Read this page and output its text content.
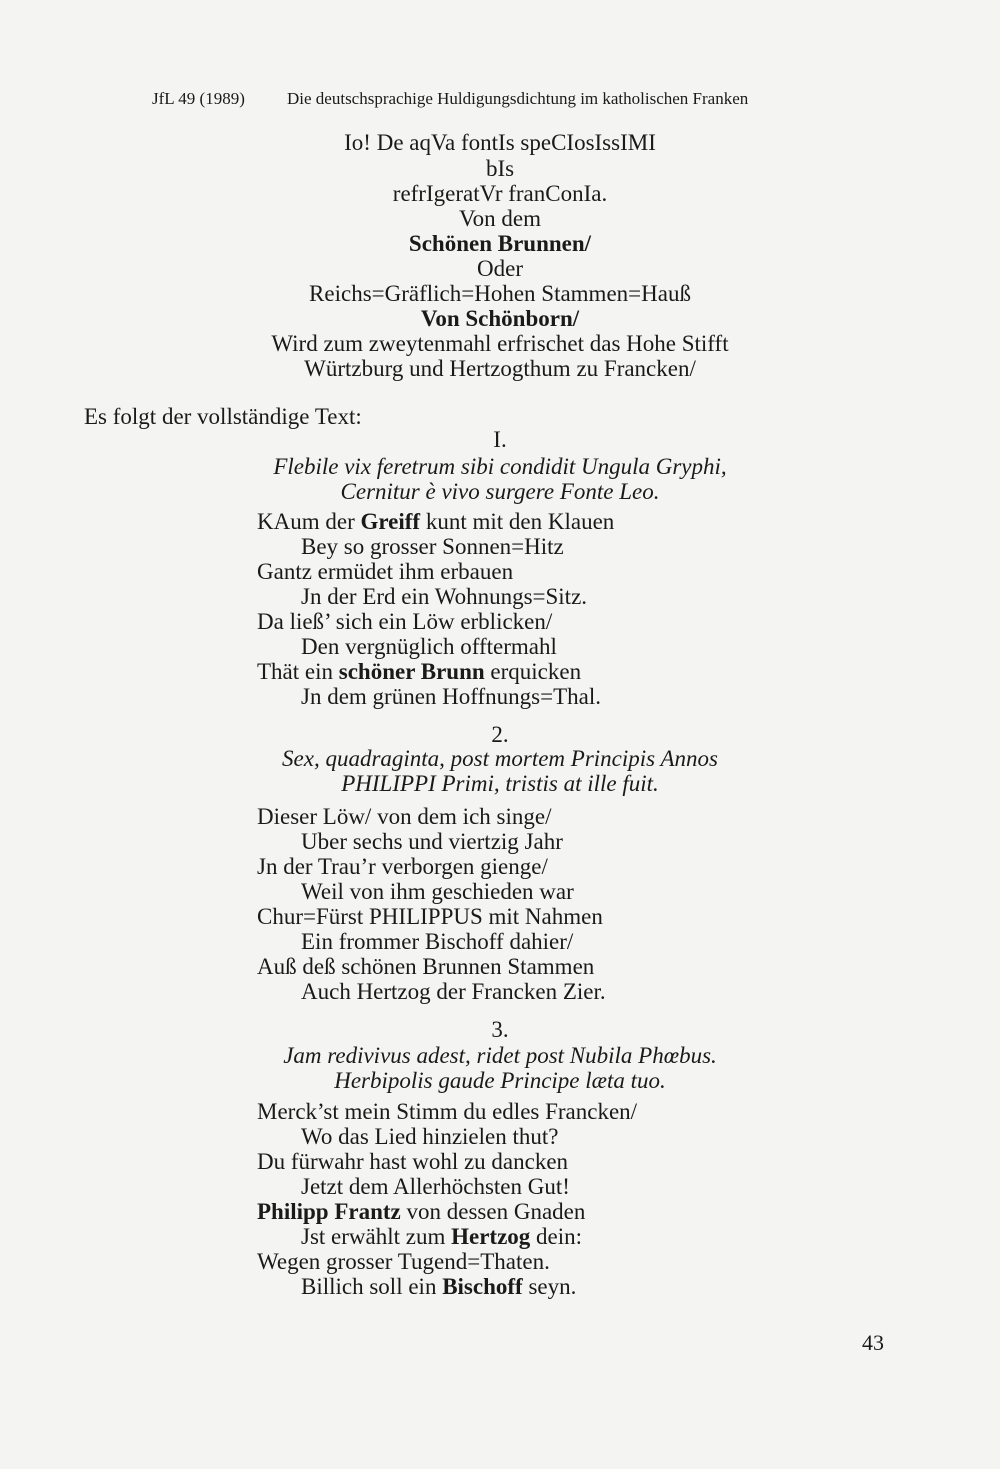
JfL 49 (1989) Die deutschsprachige Huldigungsdichtung im katholischen Franken
Io! De aqVa fontIs speCIosIssIMI
bIs
refrIgeratVr franConIa.
Von dem
Schönen Brunnen/
Oder
Reichs=Gräflich=Hohen Stammen=Hauß
Von Schönborn/
Wird zum zweytenmahl erfrischet das Hohe Stifft
Würtzburg und Hertzogthum zu Francken/
Es folgt der vollständige Text:
I.
Flebile vix feretrum sibi condidit Ungula Gryphi,
Cernitur è vivo surgere Fonte Leo.
KAum der Greiff kunt mit den Klauen
Bey so grosser Sonnen=Hitz
Gantz ermüdet ihm erbauen
Jn der Erd ein Wohnungs=Sitz.
Da ließ’ sich ein Löw erblicken/
Den vergnüglich offtermahl
Thät ein schöner Brunn erquicken
Jn dem grünen Hoffnungs=Thal.
2.
Sex, quadraginta, post mortem Principis Annos
PHILIPPI Primi, tristis at ille fuit.
Dieser Löw/ von dem ich singe/
Uber sechs und viertzig Jahr
Jn der Trau’r verborgen gienge/
Weil von ihm geschieden war
Chur=Fürst PHILIPPUS mit Nahmen
Ein frommer Bischoff dahier/
Auß deß schönen Brunnen Stammen
Auch Hertzog der Francken Zier.
3.
Jam redivivus adest, ridet post Nubila Phœbus.
Herbipolis gaude Principe læta tuo.
Merck’st mein Stimm du edles Francken/
Wo das Lied hinzielen thut?
Du fürwahr hast wohl zu dancken
Jetzt dem Allerhöchsten Gut!
Philipp Frantz von dessen Gnaden
Jst erwählt zum Hertzog dein:
Wegen grosser Tugend=Thaten.
Billich soll ein Bischoff seyn.
43
